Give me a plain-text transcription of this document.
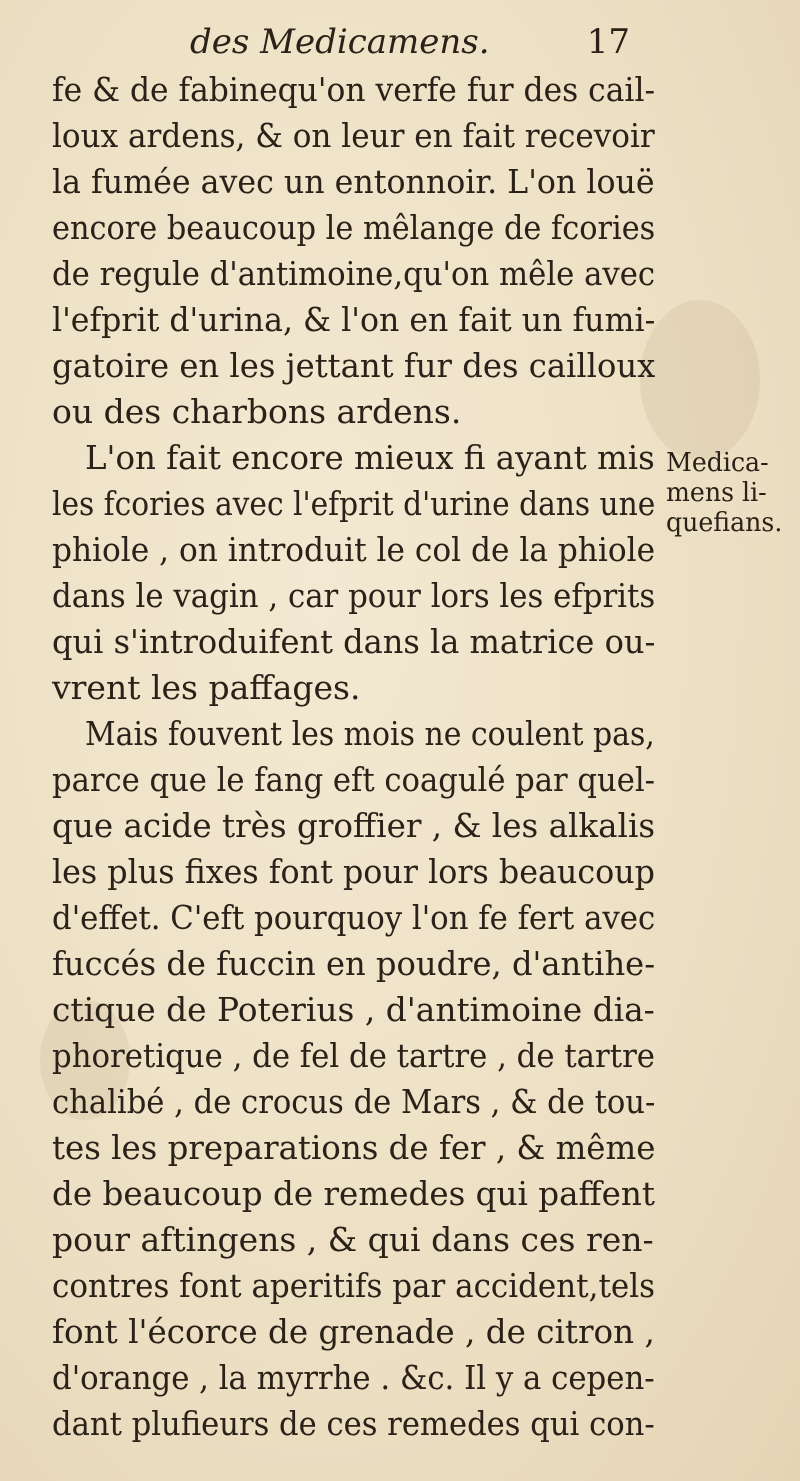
des Medicamens.	17
fe & de fabinequ'on verfe fur des cail-
loux ardens, & on leur en fait recevoir
la fumée avec un entonnoir. L'on louë
encore beaucoup le mêlange de fcories
de regule d'antimoine,qu'on mêle avec
l'efprit d'urina, & l'on en fait un fumi-
gatoire en les jettant fur des cailloux
ou des charbons ardens.
L'on fait encore mieux fi ayant mis
les fcories avec l'efprit d'urine dans une
phiole , on introduit le col de la phiole
dans le vagin , car pour lors les efprits
qui s'introduifent dans la matrice ou-
vrent les paffages.
Mais fouvent les mois ne coulent pas,
parce que le fang eft coagulé par quel-
que acide très groffier , & les alkalis
les plus fixes font pour lors beaucoup
d'effet. C'eft pourquoy l'on fe fert avec
fuccés de fuccin en poudre, d'antihe-
ctique de Poterius , d'antimoine dia-
phoretique , de fel de tartre , de tartre
chalibé , de crocus de Mars , & de tou-
tes les preparations de fer , & même
de beaucoup de remedes qui paffent
pour aftingens , & qui dans ces ren-
contres font aperitifs par accident,tels
font l'écorce de grenade , de citron ,
d'orange , la myrrhe . &c. Il y a cepen-
dant plufieurs de ces remedes qui con-
Medica-
mens li-
quefians.
